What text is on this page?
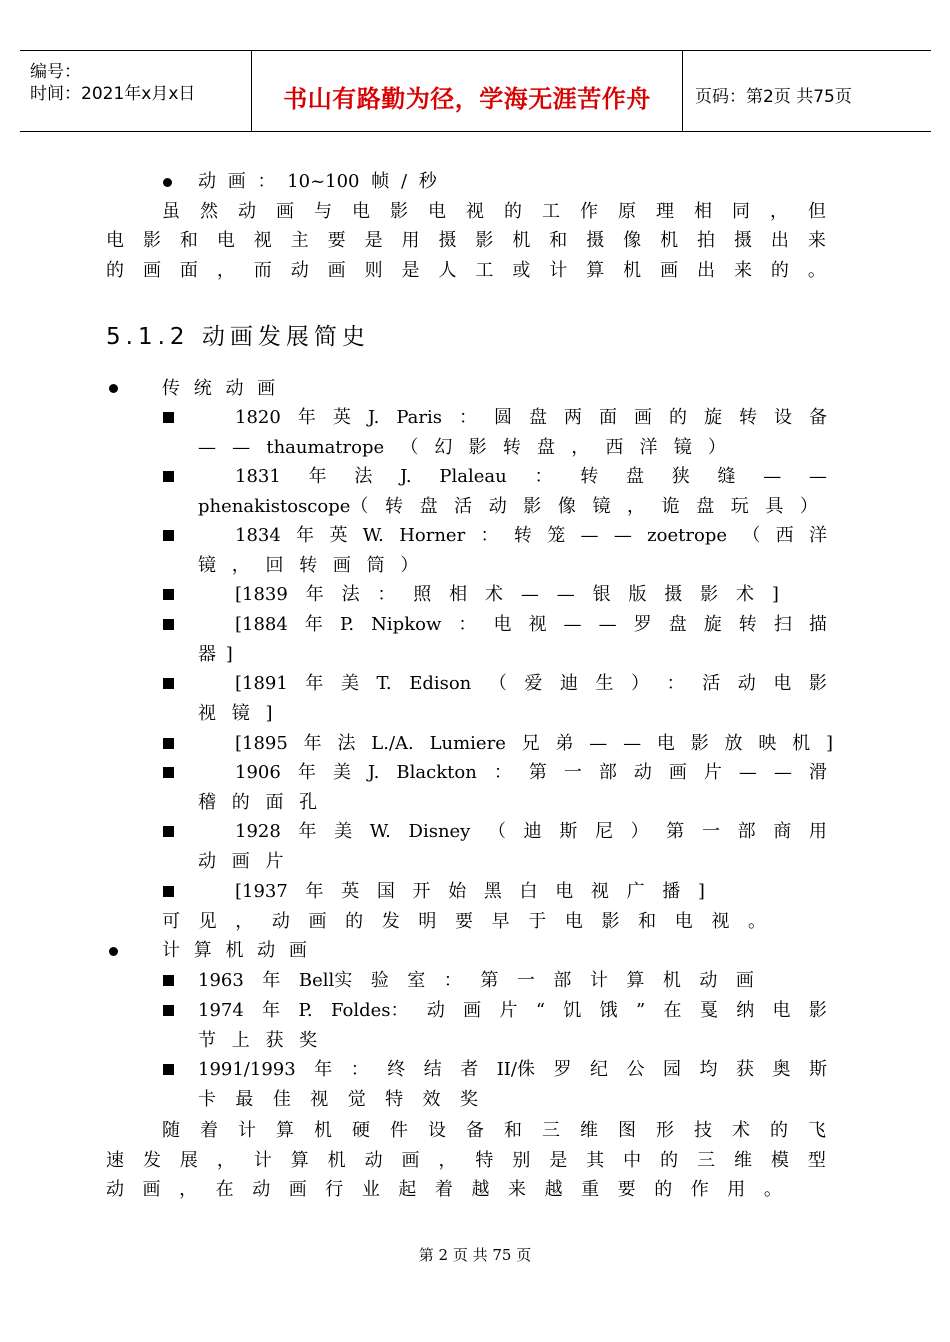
编号：
时间：2021年x月x日	书山有路勤为径，学海无涯苦作舟	页码：第2页 共75页
动 画 ： 10~100 帧 / 秒
虽 然 动 画 与 电 影 电 视 的 工 作 原 理 相 同 ， 但
电 影 和 电 视 主 要 是 用 摄 影 机 和 摄 像 机 拍 摄 出 来
的 画 面 ， 而 动 画 则 是 人 工 或 计 算 机 画 出 来 的 。
5.1.2 动画发展简史
传 统 动 画
1820 年 英 J. Paris ： 圆 盘 两 面 画 的 旋 转 设 备
— — thaumatrope （ 幻 影 转 盘 ， 西 洋 镜 ）
1831 年 法 J. Plaleau ： 转 盘 狭 缝 — —
phenakistoscope（ 转 盘 活 动 影 像 镜 ， 诡 盘 玩 具 ）
1834 年 英 W. Horner ： 转 笼 — — zoetrope （ 西 洋
镜 ， 回 转 画 筒 ）
[1839 年 法 ： 照 相 术 — — 银 版 摄 影 术 ]
[1884 年 P. Nipkow ： 电 视 — — 罗 盘 旋 转 扫 描
器 ]
[1891 年 美 T. Edison （ 爱 迪 生 ） ： 活 动 电 影
视 镜 ]
[1895 年 法 L./A. Lumiere 兄 弟 — — 电 影 放 映 机 ]
1906 年 美 J. Blackton ： 第 一 部 动 画 片 — — 滑
稽 的 面 孔
1928 年 美 W. Disney （ 迪 斯 尼 ） 第 一 部 商 用
动 画 片
[1937 年 英 国 开 始 黑 白 电 视 广 播 ]
可 见 ， 动 画 的 发 明 要 早 于 电 影 和 电 视 。
计 算 机 动 画
1963 年 Bell实 验 室 ： 第 一 部 计 算 机 动 画
1974 年 P. Foldes： 动 画 片 “ 饥 饿 ” 在 戛 纳 电 影
节 上 获 奖
1991/1993 年 ： 终 结 者 II/侏 罗 纪 公 园 均 获 奥 斯
卡 最 佳 视 觉 特 效 奖
随 着 计 算 机 硬 件 设 备 和 三 维 图 形 技 术 的 飞
速 发 展 ， 计 算 机 动 画 ， 特 别 是 其 中 的 三 维 模 型
动 画 ， 在 动 画 行 业 起 着 越 来 越 重 要 的 作 用 。
第 2 页 共 75 页
